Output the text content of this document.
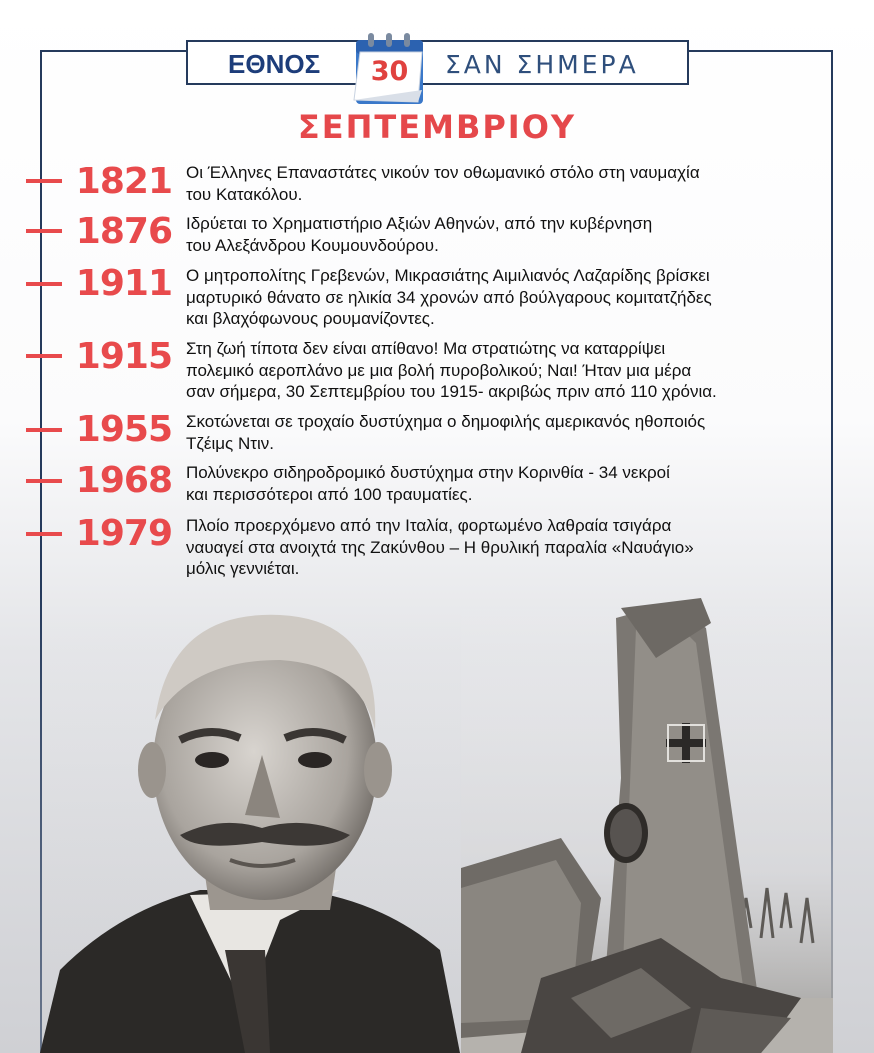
ΕΘΝΟΣ	ΣΑΝ ΣΗΜΕΡΑ
30
ΣΕΠΤΕΜΒΡΙΟΥ
1821 Οι Έλληνες Επαναστάτες νικούν τον οθωμανικό στόλο στη ναυμαχία
του Κατακόλου.
1876 Ιδρύεται το Χρηματιστήριο Αξιών Αθηνών, από την κυβέρνηση
του Αλεξάνδρου Κουμουνδούρου.
1911 Ο μητροπολίτης Γρεβενών, Μικρασιάτης Αιμιλιανός Λαζαρίδης βρίσκει
μαρτυρικό θάνατο σε ηλικία 34 χρονών από βούλγαρους κομιτατζήδες
και βλαχόφωνους ρουμανίζοντες.
1915 Στη ζωή τίποτα δεν είναι απίθανο! Μα στρατιώτης να καταρρίψει
πολεμικό αεροπλάνο με μια βολή πυροβολικού; Ναι! Ήταν μια μέρα
σαν σήμερα, 30 Σεπτεμβρίου του 1915- ακριβώς πριν από 110 χρόνια.
1955 Σκοτώνεται σε τροχαίο δυστύχημα ο δημοφιλής αμερικανός ηθοποιός
Τζέιμς Ντιν.
1968 Πολύνεκρο σιδηροδρομικό δυστύχημα στην Κορινθία - 34 νεκροί
και περισσότεροι από 100 τραυματίες.
1979 Πλοίο προερχόμενο από την Ιταλία, φορτωμένο λαθραία τσιγάρα
ναυαγεί στα ανοιχτά της Ζακύνθου – Η θρυλική παραλία «Ναυάγιο»
μόλις γεννιέται.
